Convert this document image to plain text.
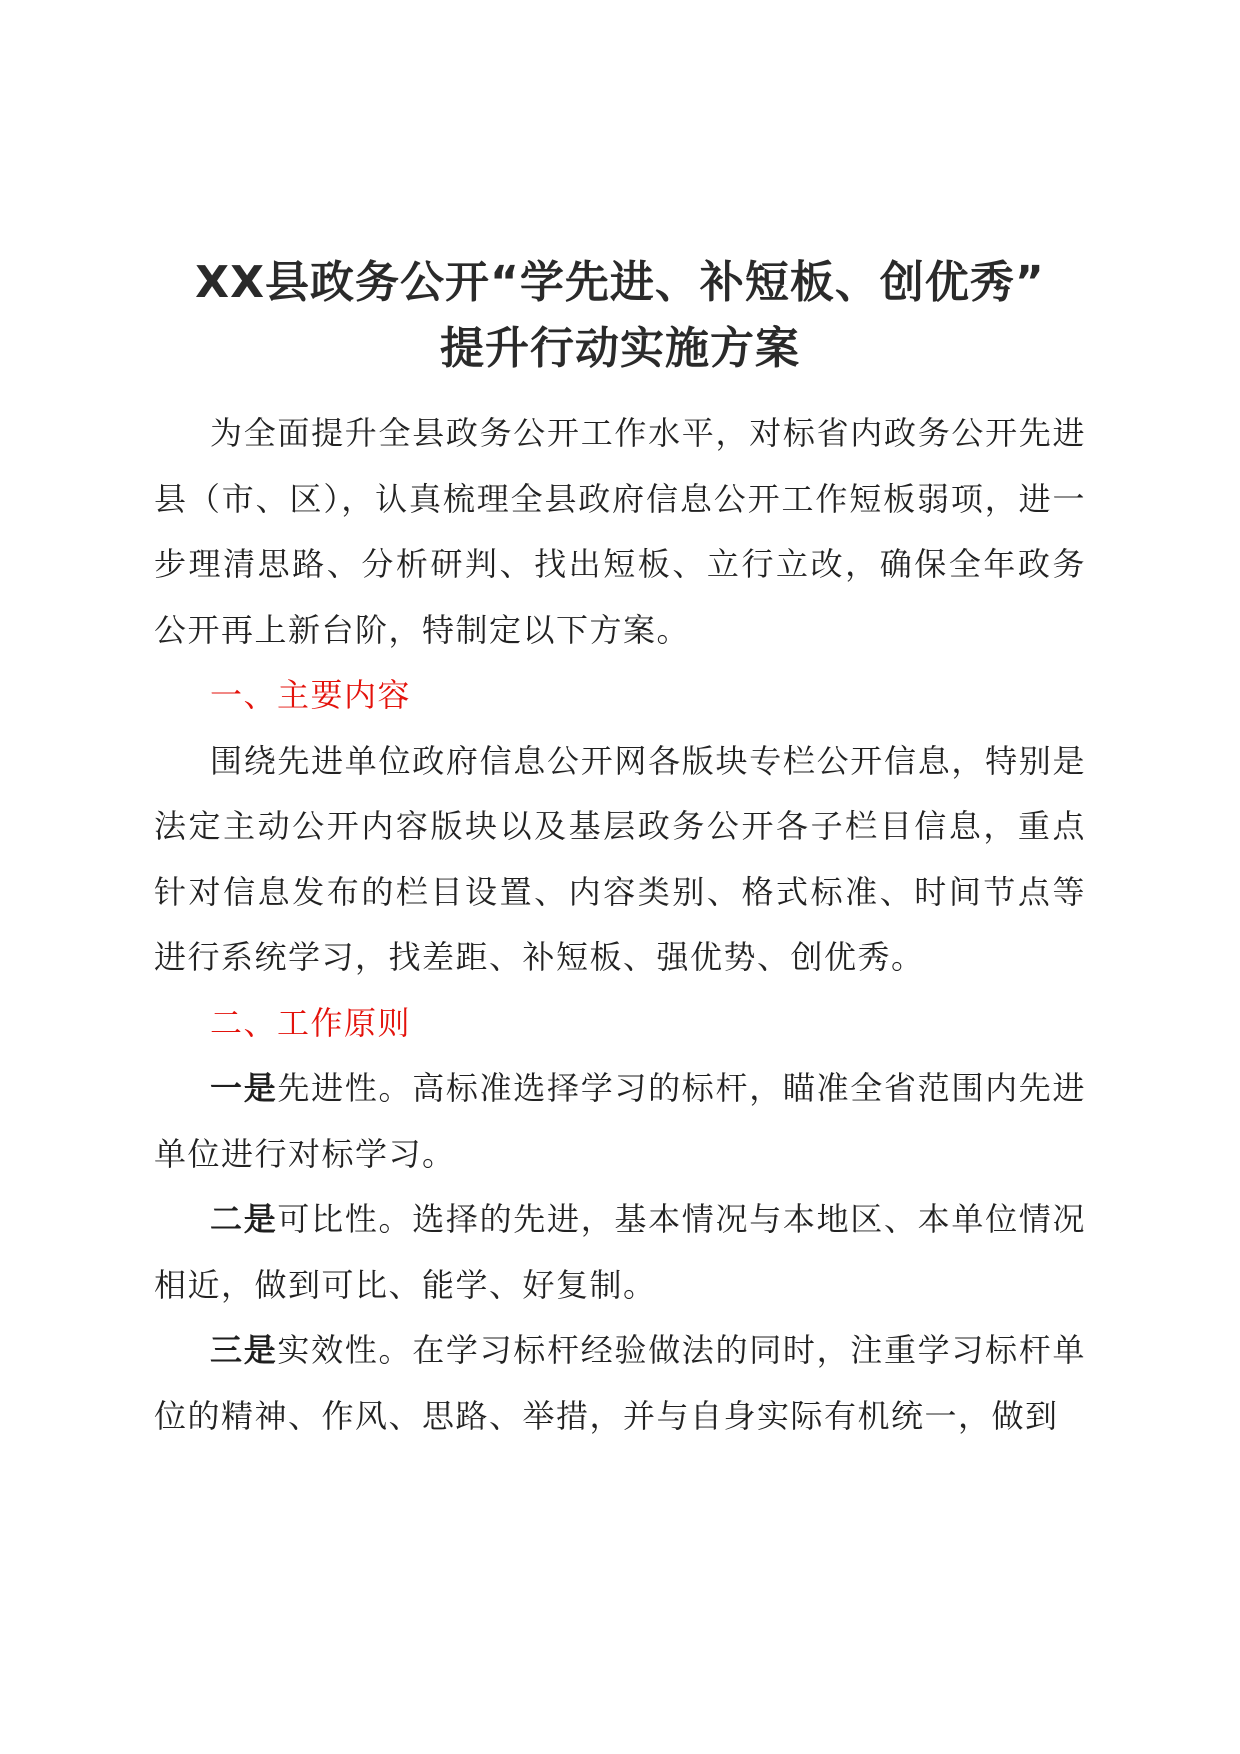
XX县政务公开“学先进、补短板、创优秀”
提升行动实施方案

为全面提升全县政务公开工作水平，对标省内政务公开先进县（市、区），认真梳理全县政府信息公开工作短板弱项，进一步理清思路、分析研判、找出短板、立行立改，确保全年政务公开再上新台阶，特制定以下方案。

一、主要内容

围绕先进单位政府信息公开网各版块专栏公开信息，特别是法定主动公开内容版块以及基层政务公开各子栏目信息，重点针对信息发布的栏目设置、内容类别、格式标准、时间节点等进行系统学习，找差距、补短板、强优势、创优秀。

二、工作原则

一是先进性。高标准选择学习的标杆，瞄准全省范围内先进单位进行对标学习。

二是可比性。选择的先进，基本情况与本地区、本单位情况相近，做到可比、能学、好复制。

三是实效性。在学习标杆经验做法的同时，注重学习标杆单位的精神、作风、思路、举措，并与自身实际有机统一，做到
